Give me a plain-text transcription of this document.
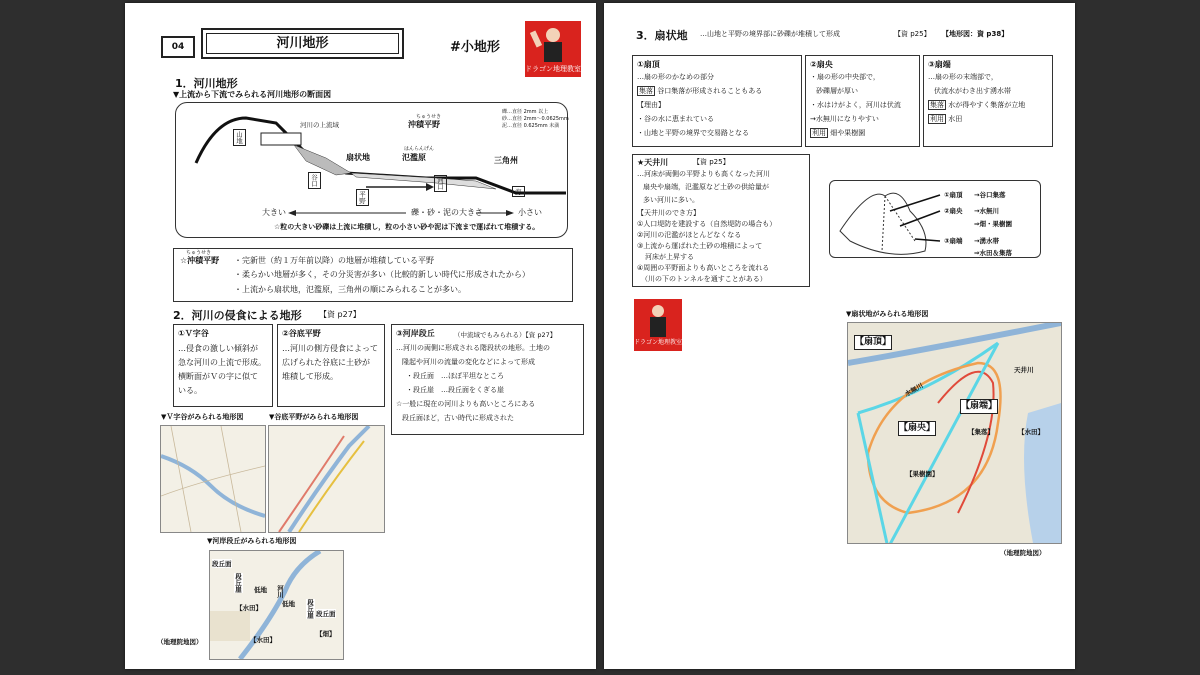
04	河川地形	#小地形
ドラゴン地理教室
1．河川地形
▼上流から下流でみられる河川地形の断面図
山地
河川の上流域
ちゅうせき
沖積平野
礫…直径 2mm 以上
砂…直径 2mm～0.0625mm
泥…直径 0.625mm 未満
扇状地
はんらんげん
氾濫原	三角州
谷口
平野
河口
海
大きい	礫・砂・泥の大きさ	小さい
☆粒の大きい砂礫は上流に堆積し，粒の小さい砂や泥は下流まで運ばれて堆積する。
ちゅうせき
☆沖積平野 ・完新世（約１万年前以降）の地層が堆積している平野
・柔らかい地層が多く，その分災害が多い（比較的新しい時代に形成されたから）
・上流から扇状地，氾濫原，三角州の順にみられることが多い。
2．河川の侵食による地形 【資 p27】
①Ｖ字谷
…侵食の激しい傾斜が
急な河川の上流で形成。
横断面がＶの字に似て
いる。
②谷底平野
…河川の側方侵食によって
広げられた谷底に土砂が
堆積して形成。
③河岸段丘	（中流域でもみられる）【資 p27】
…河川の両側に形成される階段状の地形。土地の
隆起や河川の流量の変化などによって形成
・段丘面　…ほぼ平坦なところ
・段丘崖　…段丘面をくぎる崖
☆一般に現在の河川よりも高いところにある
段丘面ほど，古い時代に形成された
▼Ｖ字谷がみられる地形図	▼谷底平野がみられる地形図
▼河岸段丘がみられる地形図
段丘面
段丘崖 低地
【水田】
河川
低地 段丘崖 段丘面
【畑】
【水田】
（地理院地図）
3．扇状地 …山地と平野の境界部に砂礫が堆積して形成	【資 p25】 【地形図：資 p38】
①扇頂
…扇の形のかなめの部分
集落 谷口集落が形成されることもある
【理由】
・谷の水に恵まれている
・山地と平野の境界で交易路となる
②扇央
・扇の形の中央部で，
砂礫層が厚い
・水はけがよく，河川は伏流
→水無川になりやすい
利用 畑や果樹園
③扇端
…扇の形の末端部で，
伏流水がわき出す湧水帯
集落 水が得やすく集落が立地
利用 水田
★天井川	【資 p25】
…河床が両側の平野よりも高くなった河川
扇央や扇端，氾濫原など土砂の供給量が
多い河川に多い。
【天井川のでき方】
①人口堤防を建設する（自然堤防の場合も）
②河川の氾濫がほとんどなくなる
③上流から運ばれた土砂の堆積によって
河床が上昇する
④周囲の平野面よりも高いところを流れる
（川の下のトンネルを通すことがある）
①扇頂 →谷口集落
②扇央 →水無川
⇒畑・果樹園
③扇端 →湧水帯
⇒水田＆集落
ドラゴン地理教室
▼扇状地がみられる地形図
【扇頂】
【扇央】
【扇端】
【集落】	【水田】
【果樹園】
天井川
水無川
（地理院地図）
